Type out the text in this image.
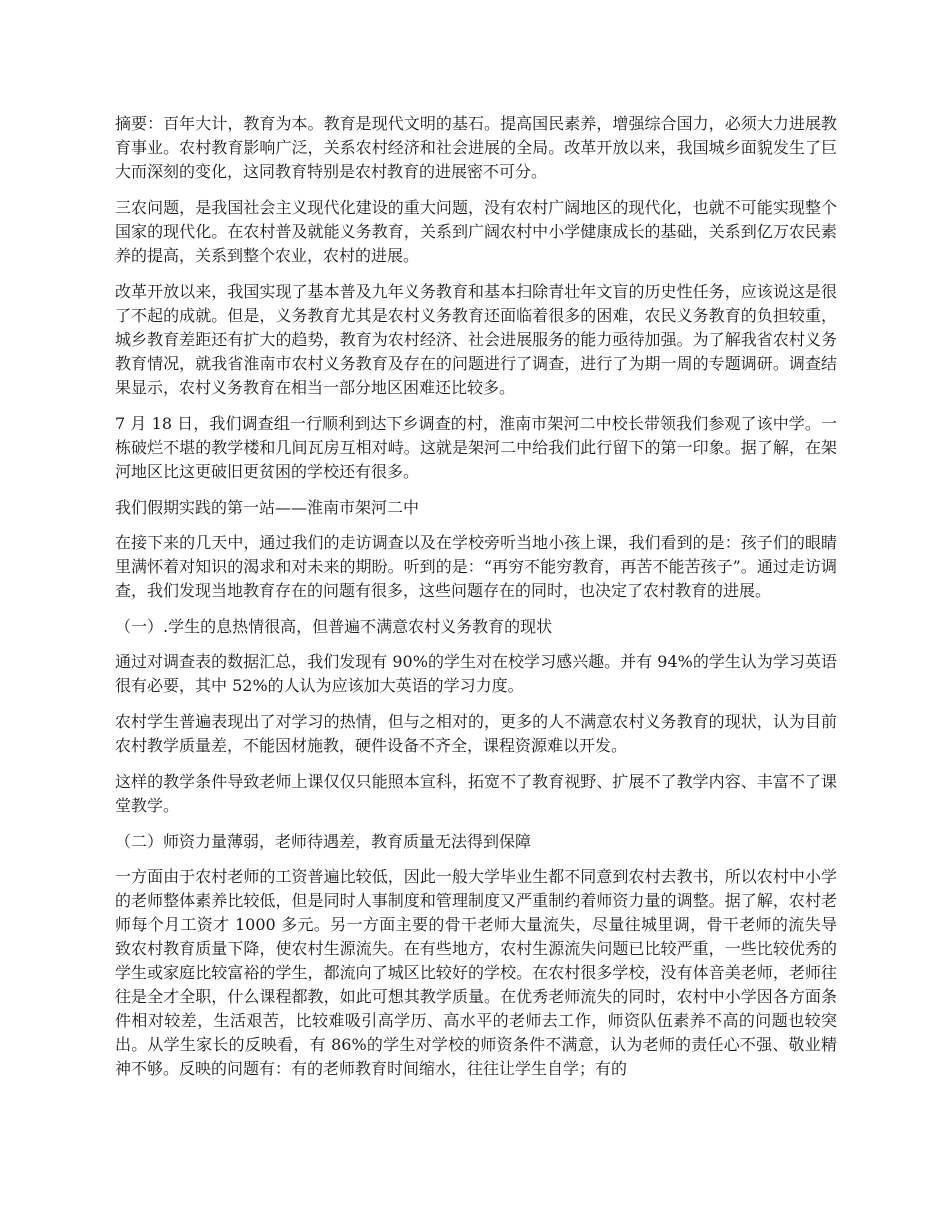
摘要：百年大计，教育为本。教育是现代文明的基石。提高国民素养，增强综合国力，必须大力进展教育事业。农村教育影响广泛，关系农村经济和社会进展的全局。改革开放以来，我国城乡面貌发生了巨大而深刻的变化，这同教育特别是农村教育的进展密不可分。

三农问题，是我国社会主义现代化建设的重大问题，没有农村广阔地区的现代化，也就不可能实现整个国家的现代化。在农村普及就能义务教育，关系到广阔农村中小学健康成长的基础，关系到亿万农民素养的提高，关系到整个农业，农村的进展。

改革开放以来，我国实现了基本普及九年义务教育和基本扫除青壮年文盲的历史性任务，应该说这是很了不起的成就。但是，义务教育尤其是农村义务教育还面临着很多的困难，农民义务教育的负担较重，城乡教育差距还有扩大的趋势，教育为农村经济、社会进展服务的能力亟待加强。为了解我省农村义务教育情况，就我省淮南市农村义务教育及存在的问题进行了调查，进行了为期一周的专题调研。调查结果显示，农村义务教育在相当一部分地区困难还比较多。

7 月 18 日，我们调查组一行顺利到达下乡调查的村，淮南市架河二中校长带领我们参观了该中学。一栋破烂不堪的教学楼和几间瓦房互相对峙。这就是架河二中给我们此行留下的第一印象。据了解，在架河地区比这更破旧更贫困的学校还有很多。

我们假期实践的第一站——淮南市架河二中

在接下来的几天中，通过我们的走访调查以及在学校旁听当地小孩上课，我们看到的是：孩子们的眼睛里满怀着对知识的渴求和对未来的期盼。听到的是：“再穷不能穷教育，再苦不能苦孩子”。通过走访调查，我们发现当地教育存在的问题有很多，这些问题存在的同时，也决定了农村教育的进展。

（一）.学生的息热情很高，但普遍不满意农村义务教育的现状

通过对调查表的数据汇总，我们发现有 90%的学生对在校学习感兴趣。并有 94%的学生认为学习英语很有必要，其中 52%的人认为应该加大英语的学习力度。

农村学生普遍表现出了对学习的热情，但与之相对的，更多的人不满意农村义务教育的现状，认为目前农村教学质量差，不能因材施教，硬件设备不齐全，课程资源难以开发。

这样的教学条件导致老师上课仅仅只能照本宣科，拓宽不了教育视野、扩展不了教学内容、丰富不了课堂教学。

（二）师资力量薄弱，老师待遇差，教育质量无法得到保障

一方面由于农村老师的工资普遍比较低，因此一般大学毕业生都不同意到农村去教书，所以农村中小学的老师整体素养比较低，但是同时人事制度和管理制度又严重制约着师资力量的调整。据了解，农村老师每个月工资才 1000 多元。另一方面主要的骨干老师大量流失，尽量往城里调，骨干老师的流失导致农村教育质量下降，使农村生源流失。在有些地方，农村生源流失问题已比较严重，一些比较优秀的学生或家庭比较富裕的学生，都流向了城区比较好的学校。在农村很多学校，没有体音美老师，老师往往是全才全职，什么课程都教，如此可想其教学质量。在优秀老师流失的同时，农村中小学因各方面条件相对较差，生活艰苦，比较难吸引高学历、高水平的老师去工作，师资队伍素养不高的问题也较突出。从学生家长的反映看，有 86%的学生对学校的师资条件不满意，认为老师的责任心不强、敬业精神不够。反映的问题有：有的老师教育时间缩水，往往让学生自学；有的
